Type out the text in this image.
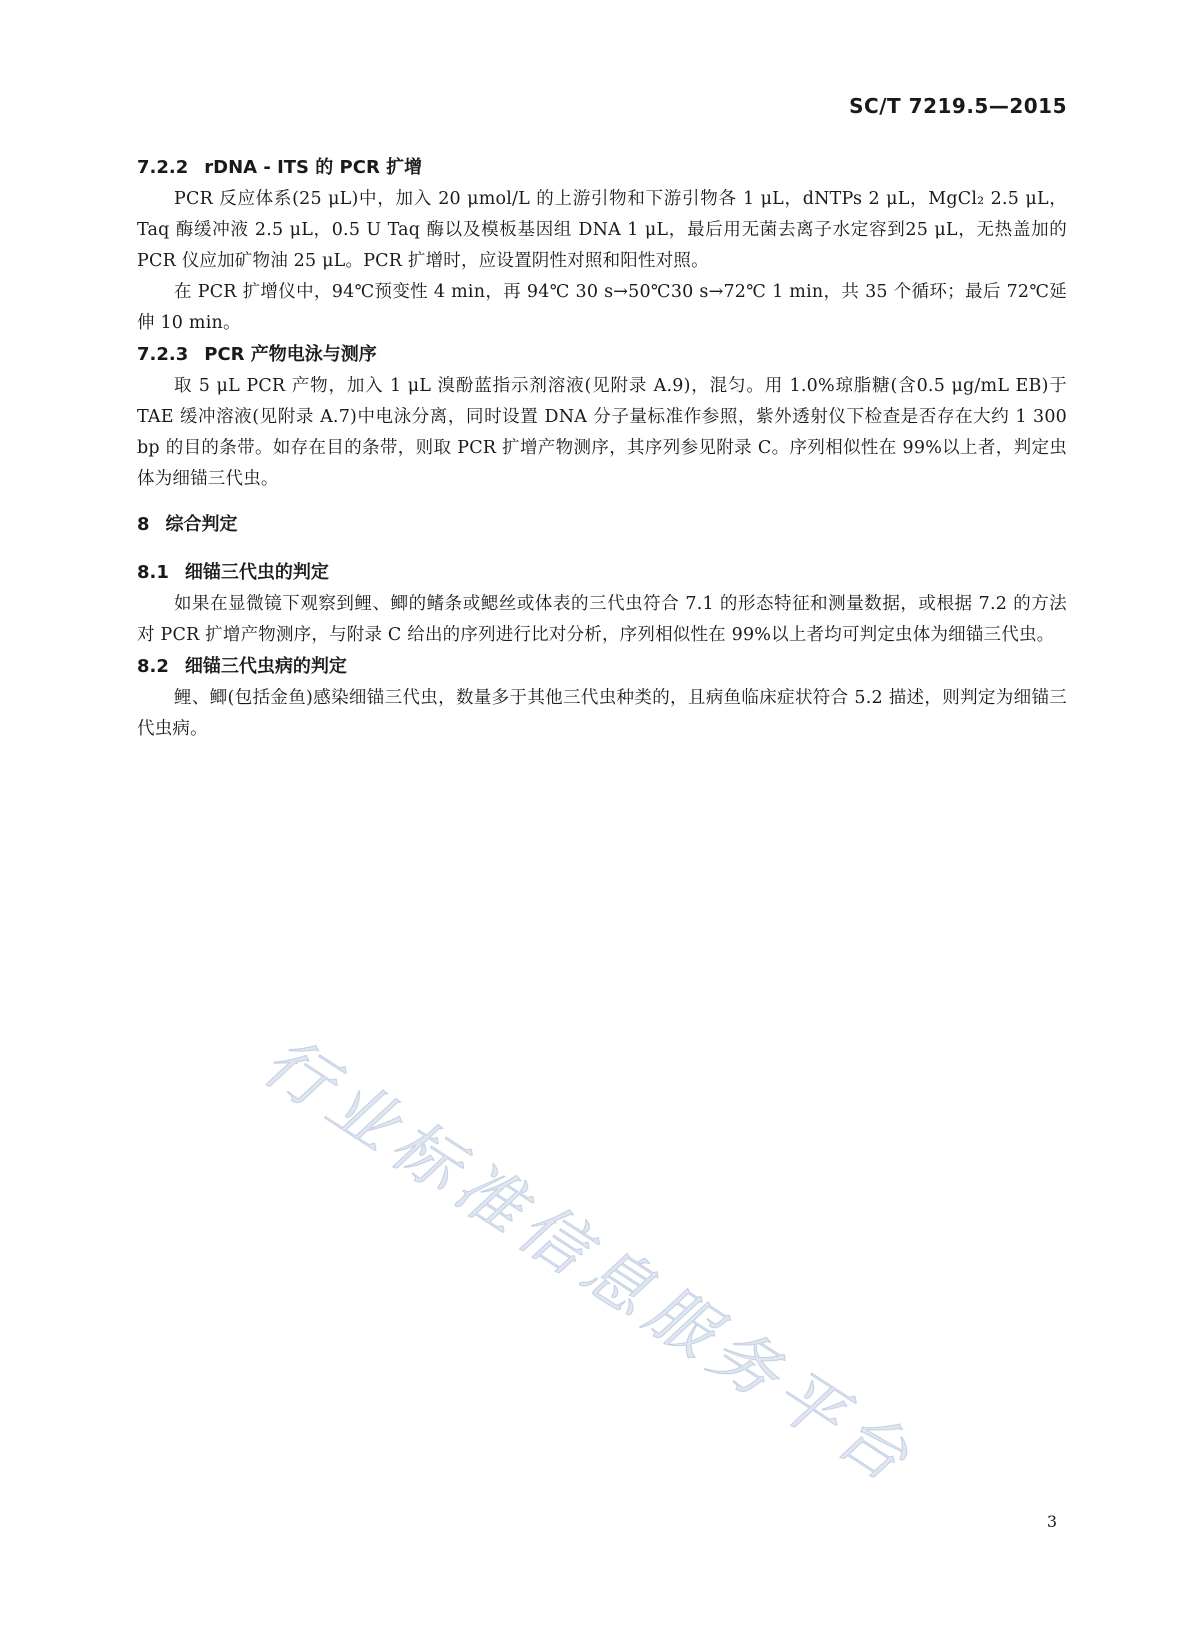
SC/T 7219.5—2015
7.2.2 rDNA - ITS 的 PCR 扩增

PCR 反应体系(25 μL)中，加入 20 μmol/L 的上游引物和下游引物各 1 μL，dNTPs 2 μL，MgCl₂ 2.5 μL，Taq 酶缓冲液 2.5 μL，0.5 U Taq 酶以及模板基因组 DNA 1 μL，最后用无菌去离子水定容到25 μL，无热盖加的 PCR 仪应加矿物油 25 μL。PCR 扩增时，应设置阴性对照和阳性对照。

在 PCR 扩增仪中，94℃预变性 4 min，再 94℃ 30 s→50℃30 s→72℃ 1 min，共 35 个循环；最后 72℃延伸 10 min。

7.2.3 PCR 产物电泳与测序

取 5 μL PCR 产物，加入 1 μL 溴酚蓝指示剂溶液(见附录 A.9)，混匀。用 1.0%琼脂糖(含0.5 μg/mL EB)于 TAE 缓冲溶液(见附录 A.7)中电泳分离，同时设置 DNA 分子量标准作参照，紫外透射仪下检查是否存在大约 1 300 bp 的目的条带。如存在目的条带，则取 PCR 扩增产物测序，其序列参见附录 C。序列相似性在 99%以上者，判定虫体为细锚三代虫。

8 综合判定
8.1 细锚三代虫的判定

如果在显微镜下观察到鲤、鲫的鳍条或鳃丝或体表的三代虫符合 7.1 的形态特征和测量数据，或根据 7.2 的方法对 PCR 扩增产物测序，与附录 C 给出的序列进行比对分析，序列相似性在 99%以上者均可判定虫体为细锚三代虫。

8.2 细锚三代虫病的判定

鲤、鲫(包括金鱼)感染细锚三代虫，数量多于其他三代虫种类的，且病鱼临床症状符合 5.2 描述，则判定为细锚三代虫病。

行业标准信息服务平台
3
